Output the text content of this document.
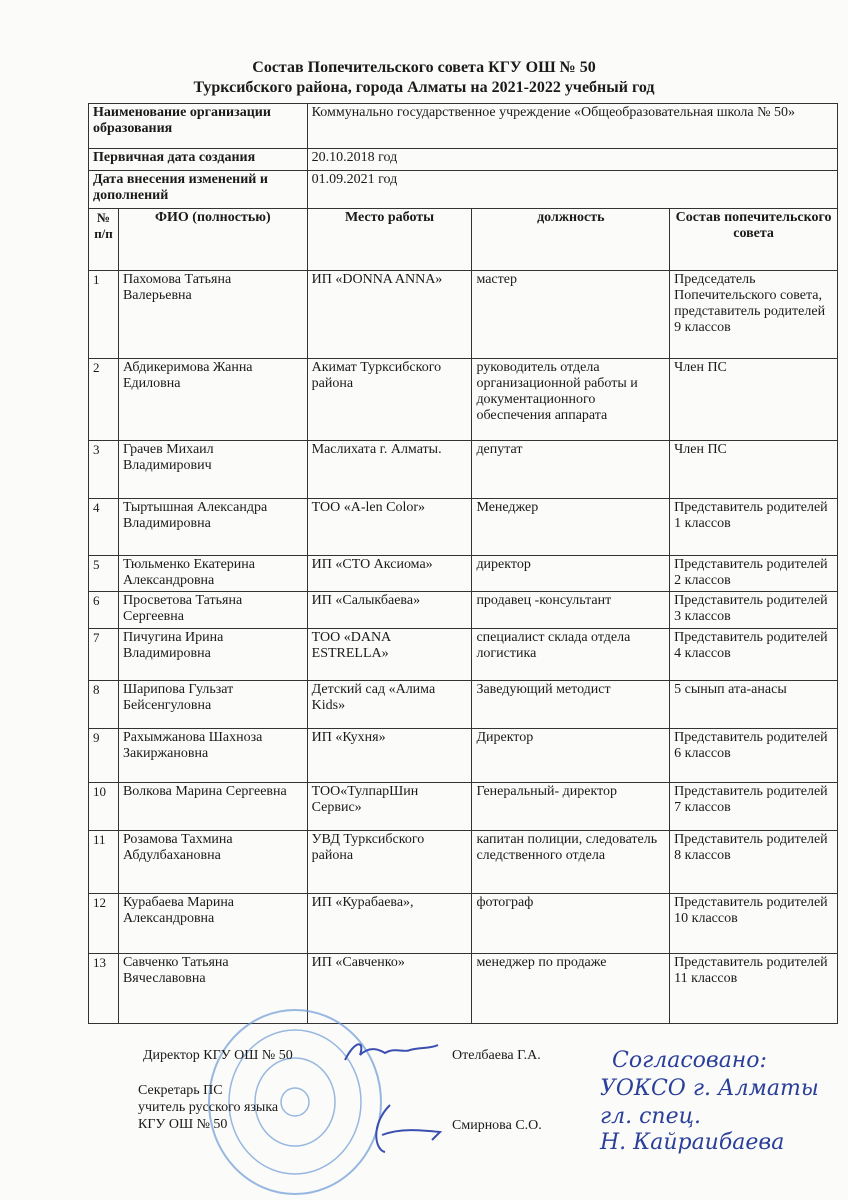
Состав Попечительского совета КГУ ОШ № 50
Турксибского района, города Алматы на 2021-2022 учебный год
Наименование организации образования		Коммунально государственное учреждение «Общеобразовательная школа № 50»		
Первичная дата создания		20.10.2018 год		
Дата внесения изменений и дополнений		01.09.2021 год		
№ п/п	ФИО (полностью)	Место работы	должность	Состав попечительского совета
1	Пахомова Татьяна Валерьевна	ИП «DONNA ANNA»	мастер	Председатель Попечительского совета, представитель родителей 9 классов
2	Абдикеримова Жанна Едиловна	Акимат Турксибского района	руководитель отдела организационной работы и документационного обеспечения аппарата	Член ПС
3	Грачев Михаил Владимирович	Маслихата г. Алматы.	депутат	Член ПС
4	Тыртышная Александра Владимировна	ТОО «A-len Color»	Менеджер	Представитель родителей 1 классов
5	Тюльменко Екатерина Александровна	ИП «СТО Аксиома»	директор	Представитель родителей 2 классов
6	Просветова Татьяна Сергеевна	ИП «Салыкбаева»	продавец -консультант	Представитель родителей 3 классов
7	Пичугина Ирина Владимировна	ТОО «DANA ESTRELLA»	специалист склада отдела логистика	Представитель родителей 4 классов
8	Шарипова Гульзат Бейсенгуловна	Детский сад «Алима Kids»	Заведующий методист	5 сынып ата-анасы
9	Рахымжанова Шахноза Закиржановна	ИП «Кухня»	Директор	Представитель родителей 6 классов
10	Волкова Марина Сергеевна	ТОО«ТулпарШин Сервис»	Генеральный- директор	Представитель родителей 7 классов
11	Розамова Тахмина Абдулбахановна	УВД Турксибского района	капитан полиции, следователь следственного отдела	Представитель родителей 8 классов
12	Курабаева Марина Александровна	ИП «Курабаева»,	фотограф	Представитель родителей 10 классов
13	Савченко Татьяна Вячеславовна	ИП «Савченко»	менеджер по продаже	Представитель родителей 11 классов
Директор КГУ ОШ № 50	Отелбаева Г.А.
Секретарь ПС
учитель русского языка
КГУ ОШ № 50	Смирнова С.О.
Согласовано:
УОКСО г. Алматы
гл. спец.
Н. Кайраибаева
